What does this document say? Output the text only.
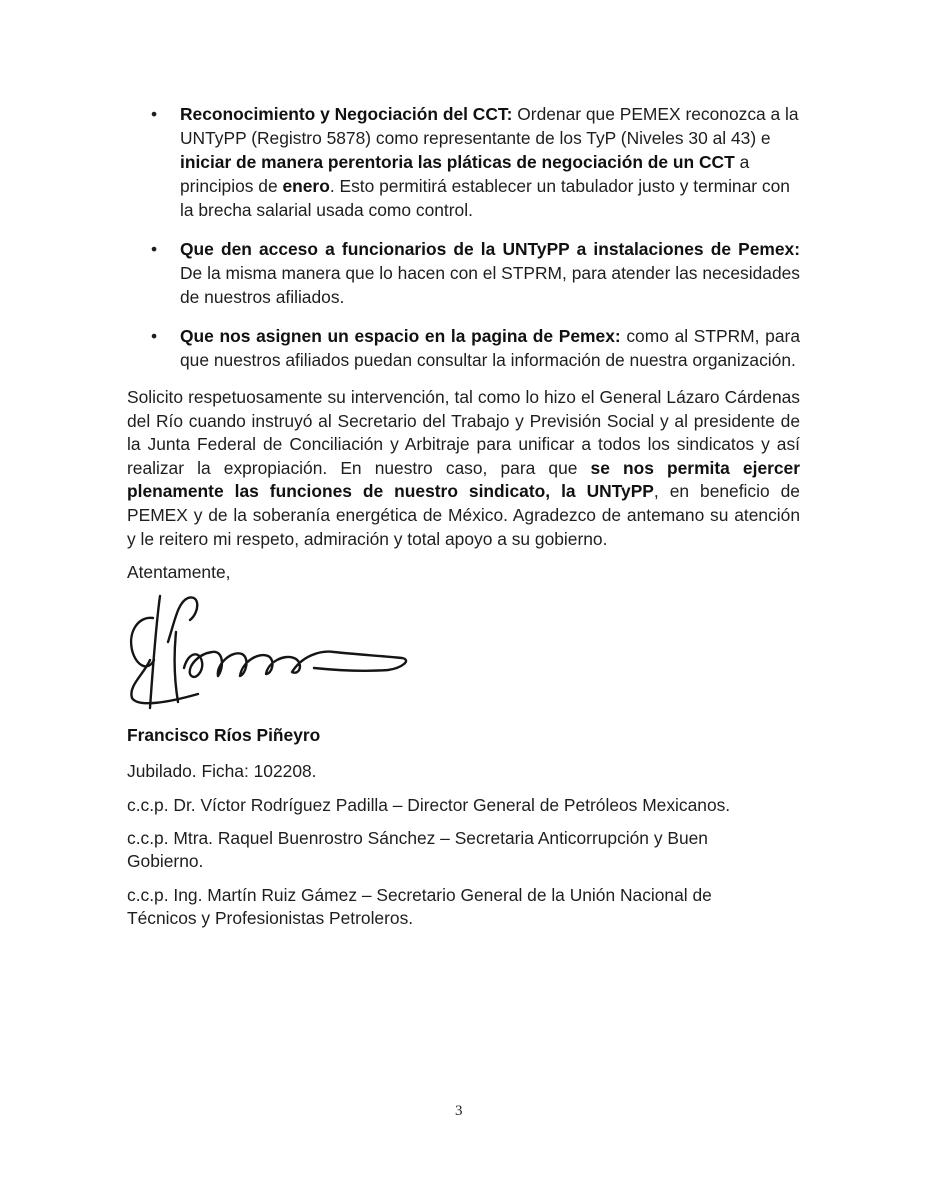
• Reconocimiento y Negociación del CCT: Ordenar que PEMEX reconozca a la UNTyPP (Registro 5878) como representante de los TyP (Niveles 30 al 43) e iniciar de manera perentoria las pláticas de negociación de un CCT a principios de enero. Esto permitirá establecer un tabulador justo y terminar con la brecha salarial usada como control.

• Que den acceso a funcionarios de la UNTyPP a instalaciones de Pemex: De la misma manera que lo hacen con el STPRM, para atender las necesidades de nuestros afiliados.

• Que nos asignen un espacio en la pagina de Pemex: como al STPRM, para que nuestros afiliados puedan consultar la información de nuestra organización.

Solicito respetuosamente su intervención, tal como lo hizo el General Lázaro Cárdenas del Río cuando instruyó al Secretario del Trabajo y Previsión Social y al presidente de la Junta Federal de Conciliación y Arbitraje para unificar a todos los sindicatos y así realizar la expropiación. En nuestro caso, para que se nos permita ejercer plenamente las funciones de nuestro sindicato, la UNTyPP, en beneficio de PEMEX y de la soberanía energética de México. Agradezco de antemano su atención y le reitero mi respeto, admiración y total apoyo a su gobierno.

Atentamente,

Francisco Ríos Piñeyro

Jubilado. Ficha: 102208.

c.c.p. Dr. Víctor Rodríguez Padilla – Director General de Petróleos Mexicanos.

c.c.p. Mtra. Raquel Buenrostro Sánchez – Secretaria Anticorrupción y Buen Gobierno.

c.c.p. Ing. Martín Ruiz Gámez – Secretario General de la Unión Nacional de Técnicos y Profesionistas Petroleros.

3
